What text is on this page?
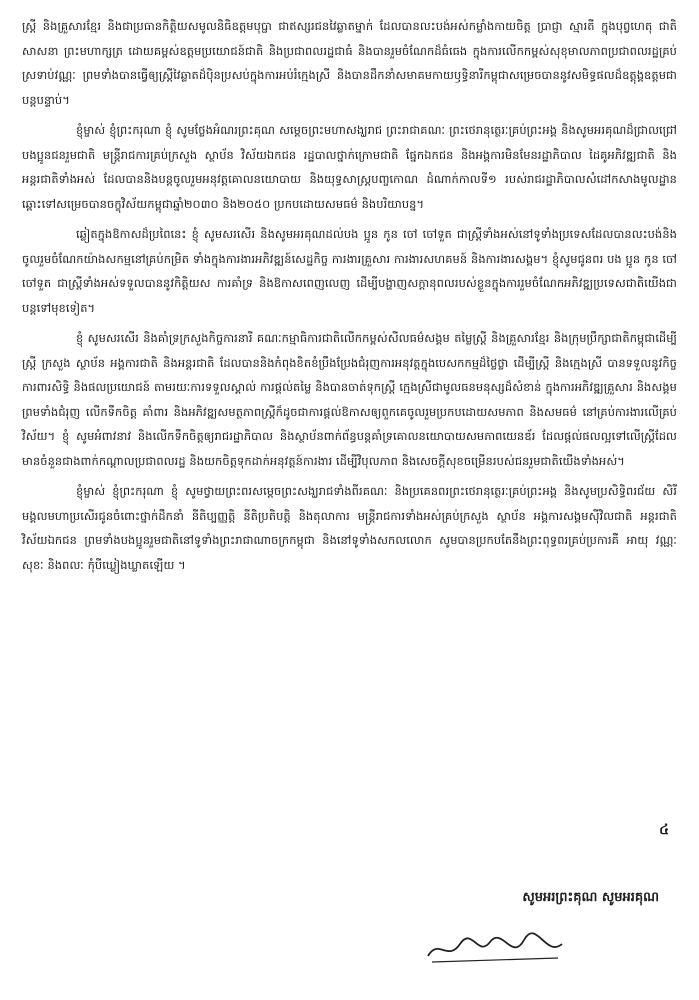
ស្ត្រី និងគ្រួសារខ្មែរ និងជាប្រធានកិត្តិយសមូលនិធិឧត្តមបុប្ផា ជាឥស្សរជនវៃឆ្លាតម្នាក់ ដែលបានលះបង់អស់កម្លាំងកាយចិត្ត ប្រាជ្ញា ស្មារតី ក្នុងបុព្វហេតុ ជាតិ សាសនា ព្រះមហាក្សត្រ ដោយគម្ពស់ឧត្តមប្រយោជន៍ជាតិ និងប្រជាពលរដ្ឋជាធំ និងបានរួមចំណែកដ៏ធំធេង ក្នុងការលើកកម្ពស់សុខុមាលភាពប្រជាពលរដ្ឋគ្រប់ស្រទាប់វណ្ណៈ ព្រមទាំងបានធ្វើឲ្យស្ត្រីវៃឆ្លាតដ៏ប៉ិនប្រសប់ក្នុងការអប់រំក្មេងស្រី និងបានដឹកនាំសមាគមកាយឫទ្ធិនារីកម្ពុជាសម្រេចបាននូវសមិទ្ធផលដ៏ឧត្តុង្គឧត្តមជាបន្តបន្ទាប់។

ខ្ញុំម្ចាស់ ខ្ញុំព្រះករុណា ខ្ញុំ សូមថ្លែងអំណរព្រះគុណ សម្តេចព្រះមហាសង្ឃរាជ ព្រះរាជាគណៈ ព្រះថេរានុត្ថេរៈគ្រប់ព្រះអង្គ និងសូមអរគុណដ៏ជ្រាលជ្រៅ បងប្អូនជនរួមជាតិ មន្ត្រីរាជការគ្រប់ក្រសួង ស្ថាប័ន វិស័យឯកជន រដ្ឋបាលថ្នាក់ក្រោមជាតិ ផ្នែកឯកជន និងអង្គការមិនមែនរដ្ឋាភិបាល ដៃគូអភិវឌ្ឍជាតិ និងអន្តរជាតិទាំងអស់ ដែលបាននិងបន្តចូលរួមអនុវត្តគោលនយោបាយ និងយុទ្ធសាស្ត្របញ្ចកោណ ដំណាក់កាលទី១ របស់រាជរដ្ឋាភិបាលសំដៅកសាងមូលដ្ឋានឆ្ពោះទៅសម្រេចបានចក្ខុវិស័យកម្ពុជាឆ្នាំ២០៣០ និង២០៥០ ប្រកបដោយសមធម៌ និងបរិយាបន្ន។

ឆ្លៀតក្នុងឱកាសដ៏ប្រពៃនេះ ខ្ញុំ សូមសរសើរ និងសូមអរគុណដល់បង ប្អូន កូន ចៅ ចៅទួត ជាស្ត្រីទាំងអស់នៅទូទាំងប្រទេសដែលបានលះបង់និងចូលរួមចំណែកយ៉ាងសកម្មនៅគ្រប់កម្រិត ទាំងក្នុងការងារអភិវឌ្ឍន៍សេដ្ឋកិច្ច ការងារគ្រួសារ ការងារសហគមន៍ និងការងារសង្គម។ ខ្ញុំសូមជូនពរ បង ប្អូន កូន ចៅ ចៅទួត ជាស្ត្រីទាំងអស់ទទួលបាននូវកិត្តិយស ការគាំទ្រ និងឱកាសពេញលេញ ដើម្បីបង្ហាញសក្តានុពលរបស់ខ្លួនក្នុងការរួមចំណែកអភិវឌ្ឍប្រទេសជាតិយើងជាបន្តទៅមុខទៀត។

ខ្ញុំ សូមសរសើរ និងគាំទ្រក្រសួងកិច្ចការនារី គណៈកម្មាធិការជាតិលើកកម្ពស់សីលធម៌សង្គម តម្លៃស្ត្រី និងគ្រួសារខ្មែរ និងក្រុមប្រឹក្សាជាតិកម្ពុជាដើម្បីស្ត្រី ក្រសួង ស្ថាប័ន អង្គការជាតិ និងអន្តរជាតិ ដែលបាននិងកំពុងខិតខំប្រឹងប្រែងជំរុញការអនុវត្តក្នុងបេសកកម្មដ៏ថ្លៃថ្លា ដើម្បីស្ត្រី និងក្មេងស្រី បានទទួលនូវកិច្ចការពារសិទ្ធិ និងផលប្រយោជន៍ តាមរយៈការទទួលស្គាល់ ការផ្តល់តម្លៃ និងបានចាត់ទុកស្ត្រី ក្មេងស្រីជាមូលធនមនុស្សដ៏សំខាន់ ក្នុងការអភិវឌ្ឍគ្រួសារ និងសង្គម ព្រមទាំងជំរុញ លើកទឹកចិត្ត គាំពារ និងអភិវឌ្ឍសមត្ថភាពស្ត្រីក៏ដូចជាការផ្តល់ឱកាសឲ្យពួកគេចូលរួមប្រកបដោយសមភាព និងសមធម៌ នៅគ្រប់ការងារលើគ្រប់វិស័យ។ ខ្ញុំ សូមអំពាវនាវ និងលើកទឹកចិត្តឲ្យរាជរដ្ឋាភិបាល និងស្ថាប័នពាក់ព័ន្ធបន្តគាំទ្រគោលនយោបាយសមភាពយេនឌ័រ ដែលផ្តល់ផលល្អទៅលើស្ត្រីដែលមានចំនួនជាងពាក់កណ្តាលប្រជាពលរដ្ឋ និងយកចិត្តទុកដាក់អនុវត្តន៍ការងារ ដើម្បីវិបុលភាព និងសេចក្តីសុខចម្រើនរបស់ជនរួមជាតិយើងទាំងអស់។

ខ្ញុំម្ចាស់ ខ្ញុំព្រះករុណា ខ្ញុំ សូមថ្វាយព្រះពរសម្តេចព្រះសង្ឃរាជទាំងពីរគណៈ និងប្រគេនពរព្រះថេរានុត្ថេរៈគ្រប់ព្រះអង្គ និងសូមប្រសិទ្ធិពរជ័យ សិរីមង្គលមហាប្រសើរជូនចំពោះថ្នាក់ដឹកនាំ នីតិប្បញ្ញត្តិ នីតិប្រតិបត្តិ និងតុលាការ មន្ត្រីរាជការទាំងអស់គ្រប់ក្រសួង ស្ថាប័ន អង្គការសង្គមស៊ីវិលជាតិ អន្តរជាតិ វិស័យឯកជន ព្រមទាំងបងប្អូនរួមជាតិនៅទូទាំងព្រះរាជាណាចក្រកម្ពុជា និងនៅទូទាំងសកលលោក សូមបានប្រកបតែនឹងព្រះពុទ្ធពរគ្រប់ប្រការគឺ អាយុ វណ្ណៈ សុខៈ និងពលៈ កុំបីឃ្លៀងឃ្លាតឡើយ ។

៤
សូមអរព្រះគុណ សូមអរគុណ
